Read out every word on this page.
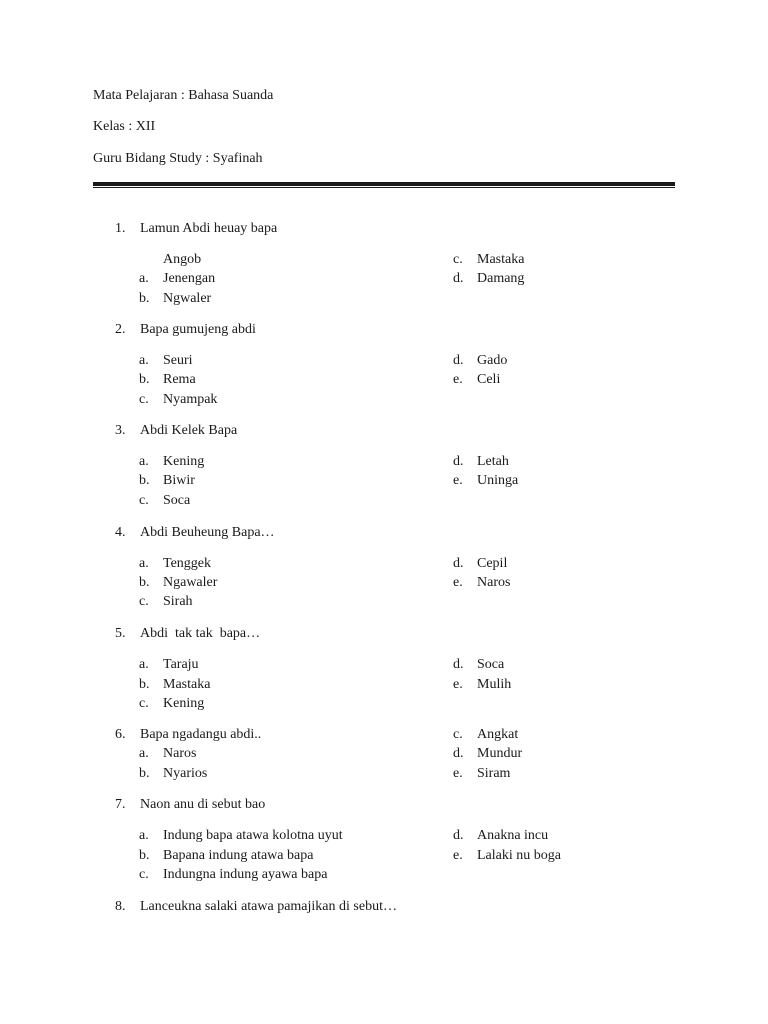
Mata Pelajaran : Bahasa Suanda
Kelas : XII
Guru Bidang Study : Syafinah
1. Lamun Abdi heuay bapa
Angob	c. Mastaka
a. Jenengan	d. Damang
b. Ngwaler
2. Bapa gumujeng abdi
a. Seuri	d. Gado
b. Rema	e. Celi
c. Nyampak
3. Abdi Kelek Bapa
a. Kening	d. Letah
b. Biwir	e. Uninga
c. Soca
4. Abdi Beuheung Bapa…
a. Tenggek	d. Cepil
b. Ngawaler	e. Naros
c. Sirah
5. Abdi  tak tak  bapa…
a. Taraju	d. Soca
b. Mastaka	e. Mulih
c. Kening
6. Bapa ngadangu abdi..	c. Angkat
a. Naros	d. Mundur
b. Nyarios	e. Siram
7. Naon anu di sebut bao
a. Indung bapa atawa kolotna uyut	d. Anakna incu
b. Bapana indung atawa bapa	e. Lalaki nu boga
c. Indungna indung ayawa bapa
8. Lanceukna salaki atawa pamajikan di sebut…
